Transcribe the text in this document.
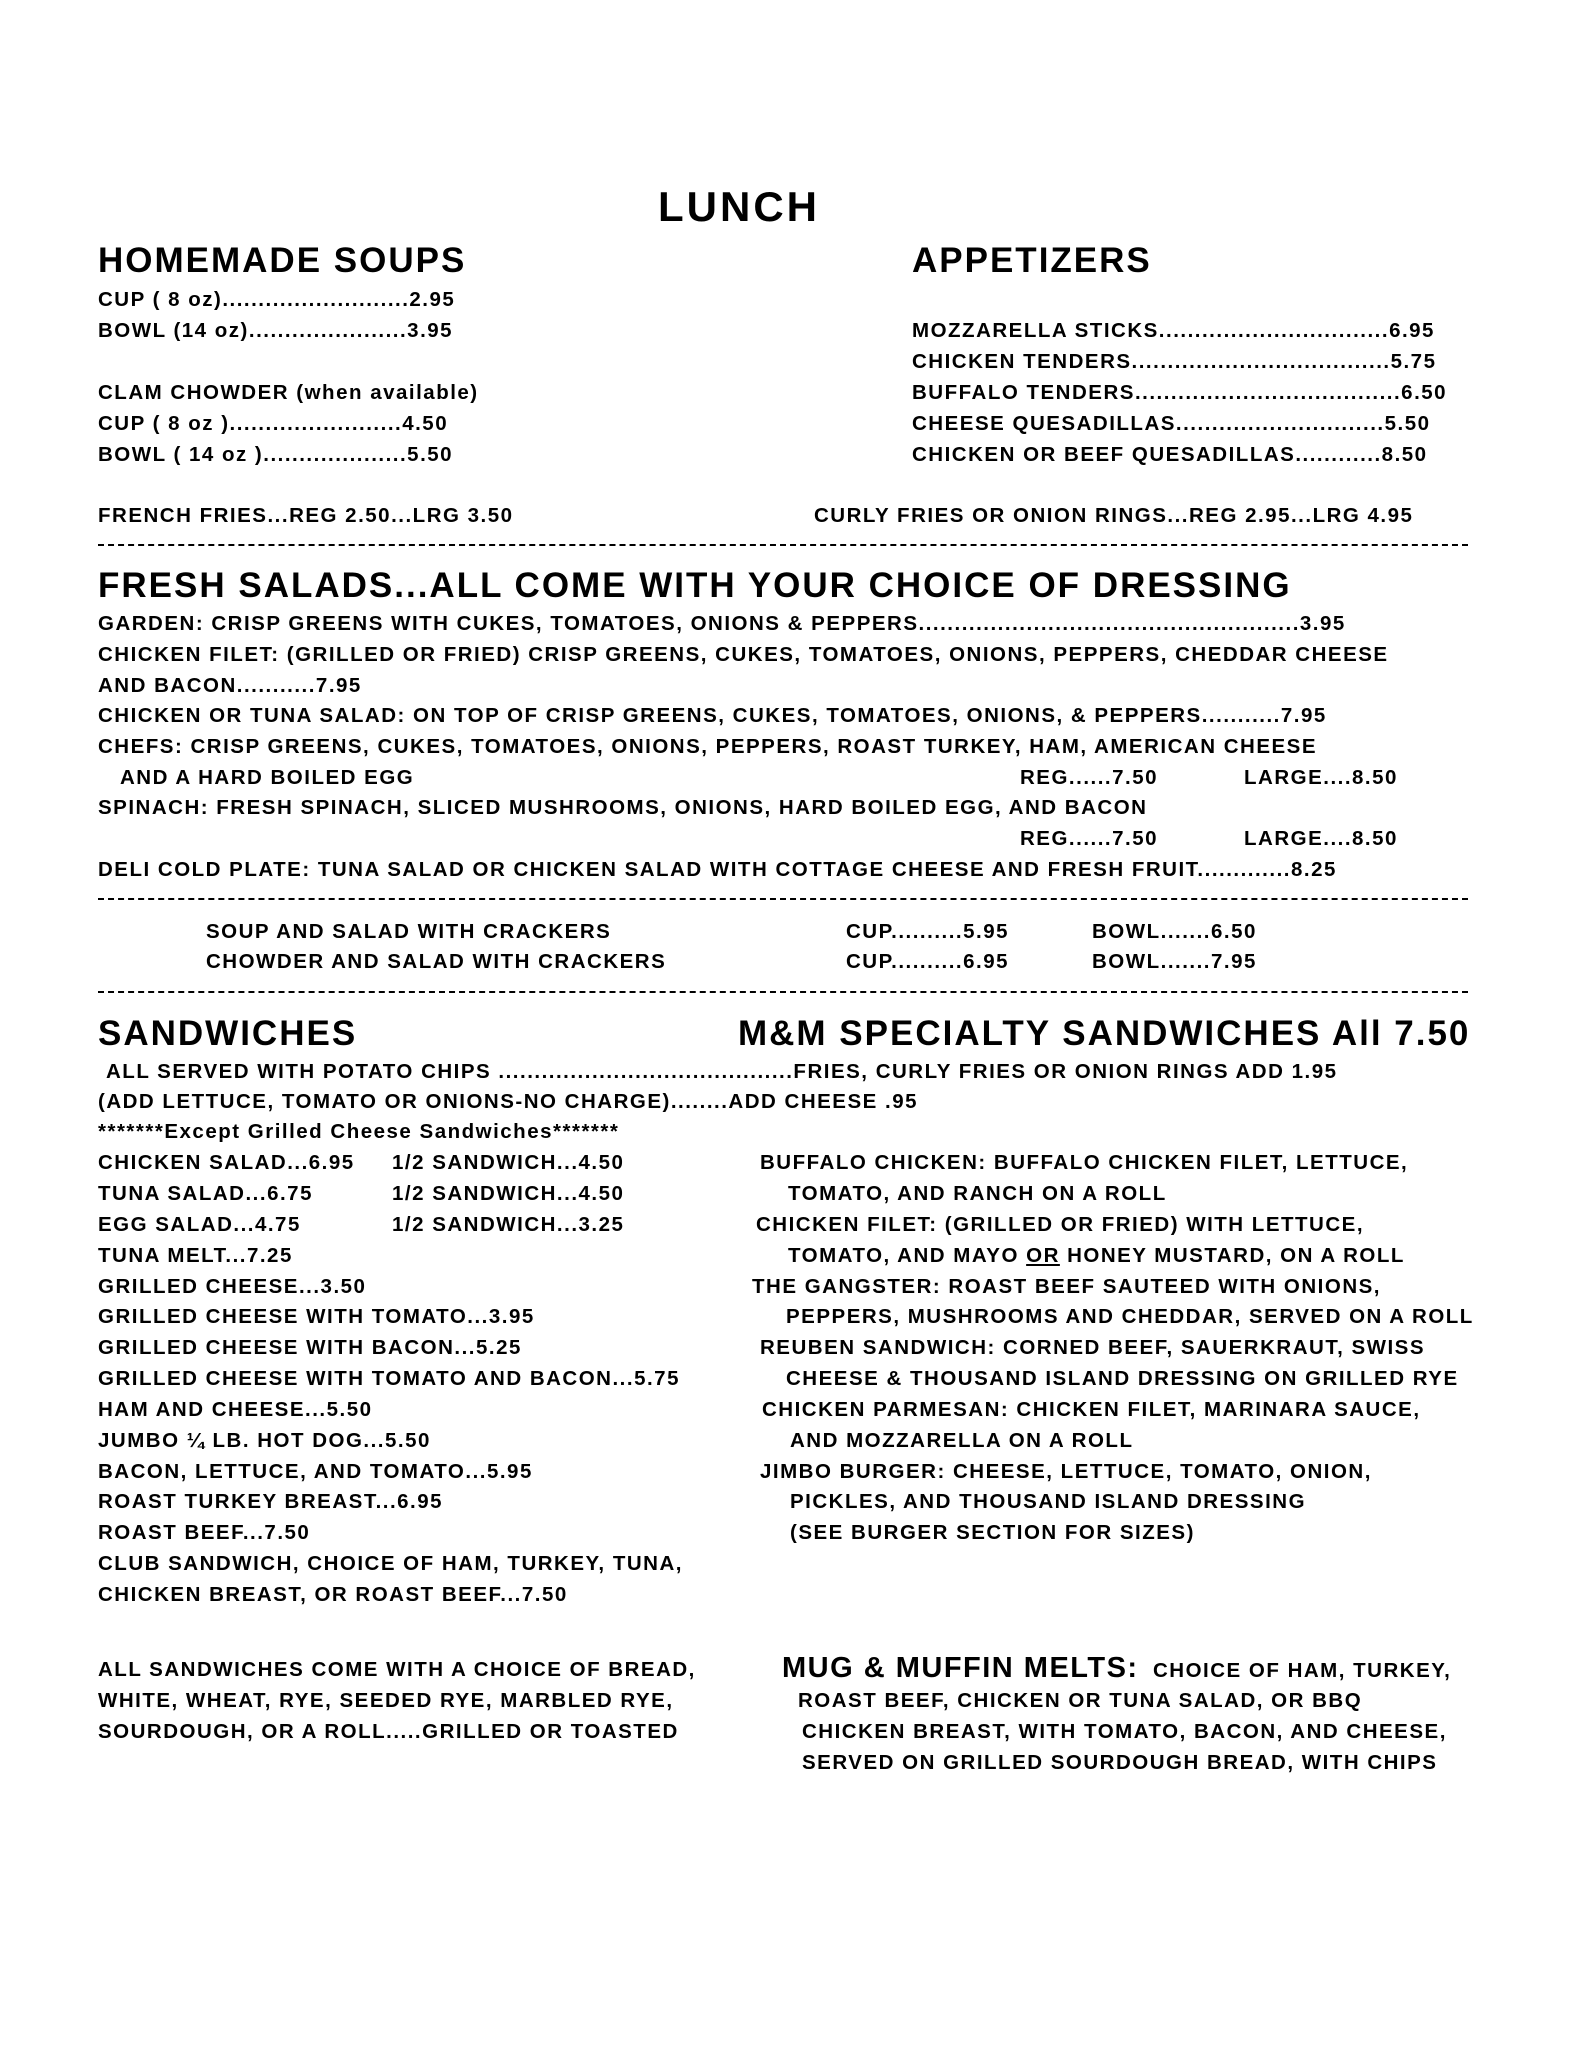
LUNCH
HOMEMADE SOUPS
CUP ( 8 oz)..........................2.95
BOWL (14 oz)......................3.95
CLAM CHOWDER (when available)
CUP ( 8 oz )........................4.50
BOWL ( 14 oz )....................5.50
FRENCH FRIES...REG 2.50...LRG 3.50
APPETIZERS
MOZZARELLA STICKS................................6.95
CHICKEN TENDERS....................................5.75
BUFFALO TENDERS.....................................6.50
CHEESE QUESADILLAS.............................5.50
CHICKEN OR BEEF QUESADILLAS............8.50
CURLY FRIES OR ONION RINGS...REG 2.95...LRG 4.95
FRESH SALADS...ALL COME WITH YOUR CHOICE OF DRESSING
GARDEN: CRISP GREENS WITH CUKES, TOMATOES, ONIONS & PEPPERS.....................................................3.95
CHICKEN FILET: (GRILLED OR FRIED) CRISP GREENS, CUKES, TOMATOES, ONIONS, PEPPERS, CHEDDAR CHEESE
AND BACON...........7.95
CHICKEN OR TUNA SALAD: ON TOP OF CRISP GREENS, CUKES, TOMATOES, ONIONS, & PEPPERS...........7.95
CHEFS: CRISP GREENS, CUKES, TOMATOES, ONIONS, PEPPERS, ROAST TURKEY, HAM, AMERICAN CHEESE
AND A HARD BOILED EGG	REG......7.50	LARGE....8.50
SPINACH: FRESH SPINACH, SLICED MUSHROOMS, ONIONS, HARD BOILED EGG, AND BACON
REG......7.50	LARGE....8.50
DELI COLD PLATE: TUNA SALAD OR CHICKEN SALAD WITH COTTAGE CHEESE AND FRESH FRUIT.............8.25
SOUP AND SALAD WITH CRACKERS	CUP..........5.95	BOWL.......6.50
CHOWDER AND SALAD WITH CRACKERS	CUP..........6.95	BOWL.......7.95
SANDWICHES	M&M SPECIALTY SANDWICHES All 7.50
ALL SERVED WITH POTATO CHIPS .........................................FRIES, CURLY FRIES OR ONION RINGS ADD 1.95
(ADD LETTUCE, TOMATO OR ONIONS-NO CHARGE)........ADD CHEESE .95
*******Except Grilled Cheese Sandwiches*******
CHICKEN SALAD...6.95 1/2 SANDWICH...4.50
TUNA SALAD...6.75	1/2 SANDWICH...4.50
EGG SALAD...4.75	1/2 SANDWICH...3.25
TUNA MELT...7.25
GRILLED CHEESE...3.50
GRILLED CHEESE WITH TOMATO...3.95
GRILLED CHEESE WITH BACON...5.25
GRILLED CHEESE WITH TOMATO AND BACON...5.75
HAM AND CHEESE...5.50
JUMBO ¼ LB. HOT DOG...5.50
BACON, LETTUCE, AND TOMATO...5.95
ROAST TURKEY BREAST...6.95
ROAST BEEF...7.50
CLUB SANDWICH, CHOICE OF HAM, TURKEY, TUNA,
CHICKEN BREAST, OR ROAST BEEF...7.50
BUFFALO CHICKEN: BUFFALO CHICKEN FILET, LETTUCE,
TOMATO, AND RANCH ON A ROLL
CHICKEN FILET: (GRILLED OR FRIED) WITH LETTUCE,
TOMATO, AND MAYO OR HONEY MUSTARD, ON A ROLL
THE GANGSTER: ROAST BEEF SAUTEED WITH ONIONS,
PEPPERS, MUSHROOMS AND CHEDDAR, SERVED ON A ROLL
REUBEN SANDWICH: CORNED BEEF, SAUERKRAUT, SWISS
CHEESE & THOUSAND ISLAND DRESSING ON GRILLED RYE
CHICKEN PARMESAN: CHICKEN FILET, MARINARA SAUCE,
AND MOZZARELLA ON A ROLL
JIMBO BURGER: CHEESE, LETTUCE, TOMATO, ONION,
PICKLES, AND THOUSAND ISLAND DRESSING
(SEE BURGER SECTION FOR SIZES)
ALL SANDWICHES COME WITH A CHOICE OF BREAD,
WHITE, WHEAT, RYE, SEEDED RYE, MARBLED RYE,
SOURDOUGH, OR A ROLL.....GRILLED OR TOASTED
MUG & MUFFIN MELTS: CHOICE OF HAM, TURKEY,
ROAST BEEF, CHICKEN OR TUNA SALAD, OR BBQ
CHICKEN BREAST, WITH TOMATO, BACON, AND CHEESE,
SERVED ON GRILLED SOURDOUGH BREAD, WITH CHIPS
